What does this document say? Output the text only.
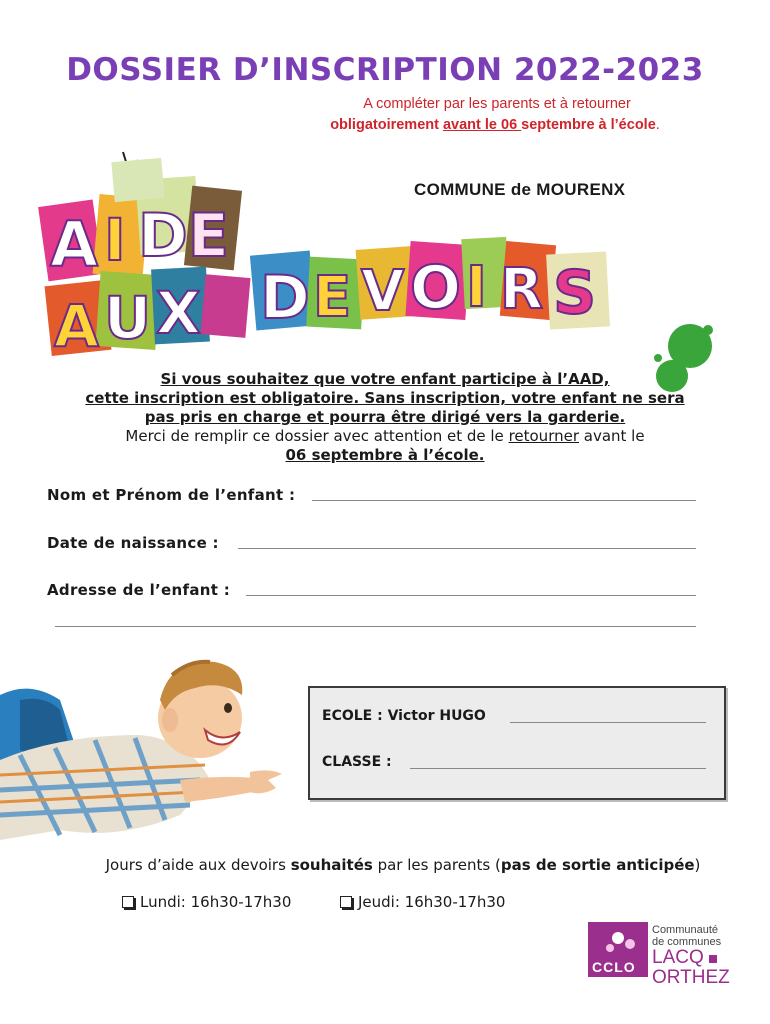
DOSSIER D’INSCRIPTION 2022-2023
A compléter par les parents et à retourner
obligatoirement avant le 06 septembre à l’école.
COMMUNE de MOURENX
A I D E
A U X D E V O I R S
Si vous souhaitez que votre enfant participe à l’AAD,
cette inscription est obligatoire. Sans inscription, votre enfant ne sera
pas pris en charge et pourra être dirigé vers la garderie.
Merci de remplir ce dossier avec attention et de le retourner avant le
06 septembre à l’école.
Nom et Prénom de l’enfant :
Date de naissance :
Adresse de l’enfant :
ECOLE : Victor HUGO
CLASSE :
Jours d’aide aux devoirs souhaités par les parents (pas de sortie anticipée)
Lundi: 16h30-17h30	Jeudi: 16h30-17h30
CCLO
Communauté
de communes
LACQ
ORTHEZ
